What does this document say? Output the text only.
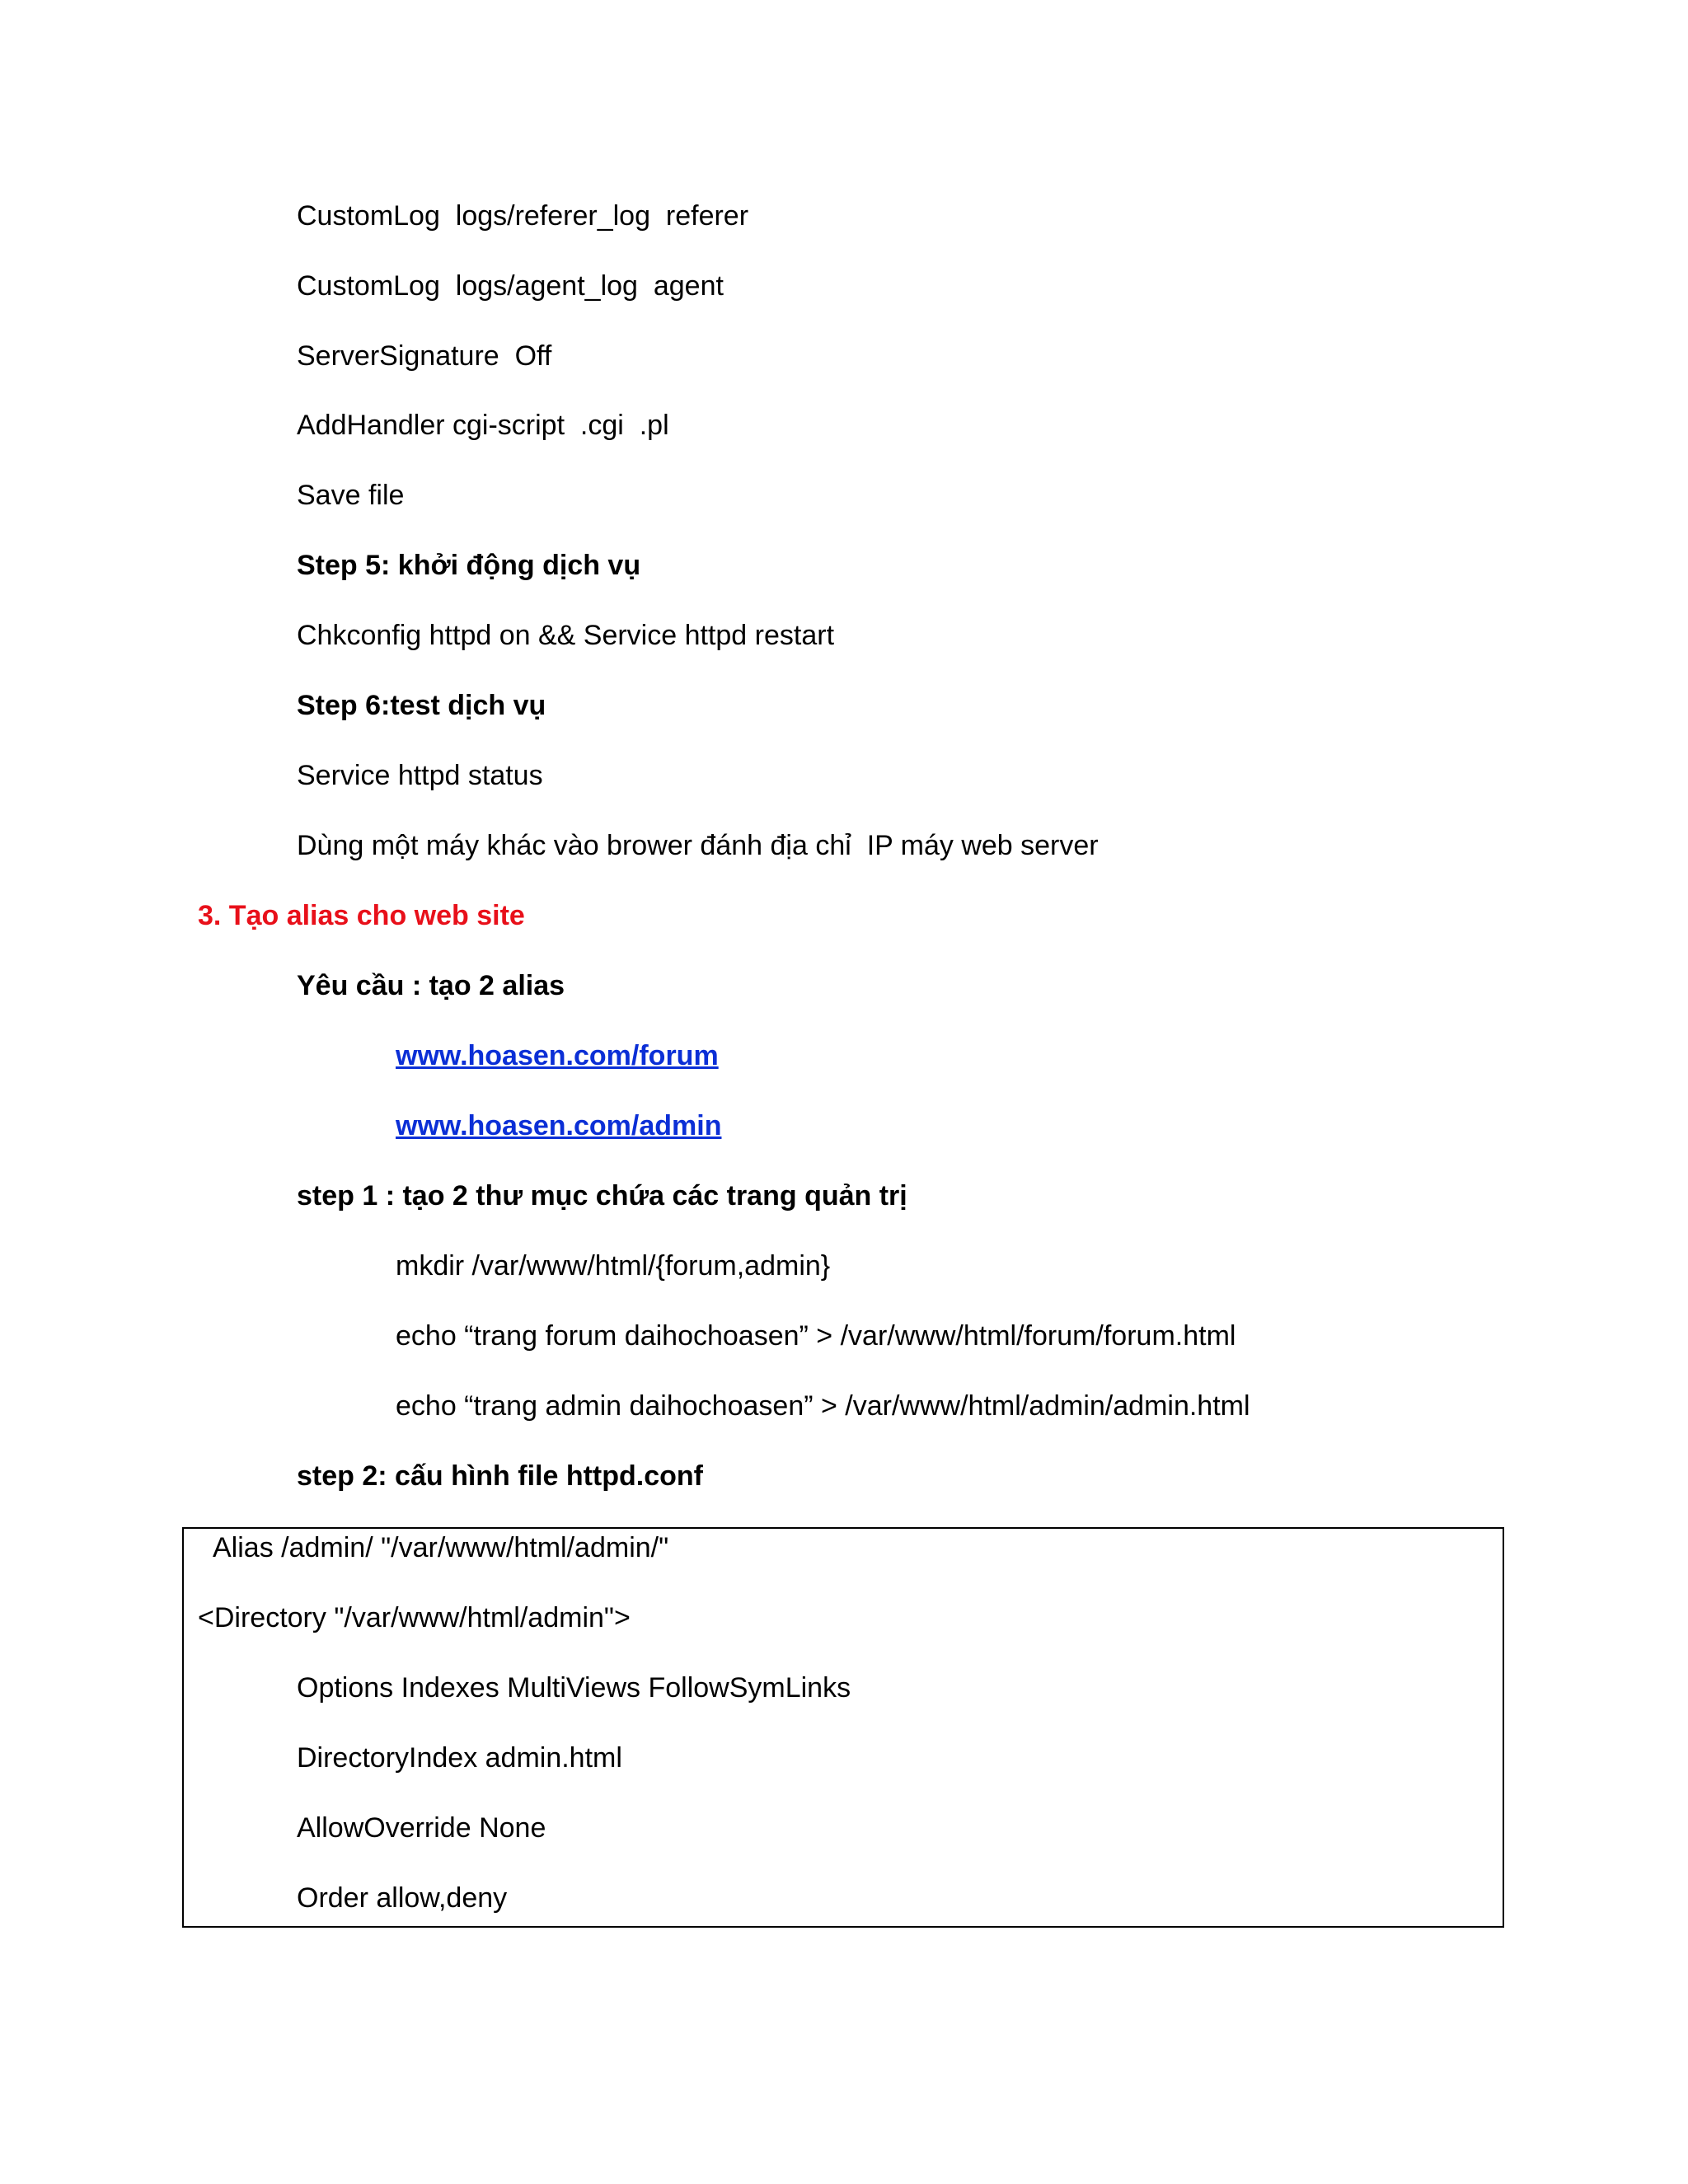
CustomLog  logs/referer_log  referer
CustomLog  logs/agent_log  agent
ServerSignature  Off
AddHandler cgi-script  .cgi  .pl
Save file
Step 5: khởi động dịch vụ
Chkconfig httpd on && Service httpd restart
Step 6:test dịch vụ
Service httpd status
Dùng một máy khác vào brower đánh địa chỉ  IP máy web server
3. Tạo alias cho web site
Yêu cầu : tạo 2 alias
www.hoasen.com/forum
www.hoasen.com/admin
step 1 : tạo 2 thư mục chứa các trang quản trị
mkdir /var/www/html/{forum,admin}
echo “trang forum daihochoasen” > /var/www/html/forum/forum.html
echo “trang admin daihochoasen” > /var/www/html/admin/admin.html
step 2: cấu hình file httpd.conf
Alias /admin/ "/var/www/html/admin/"
<Directory "/var/www/html/admin">
Options Indexes MultiViews FollowSymLinks
DirectoryIndex admin.html
AllowOverride None
Order allow,deny
